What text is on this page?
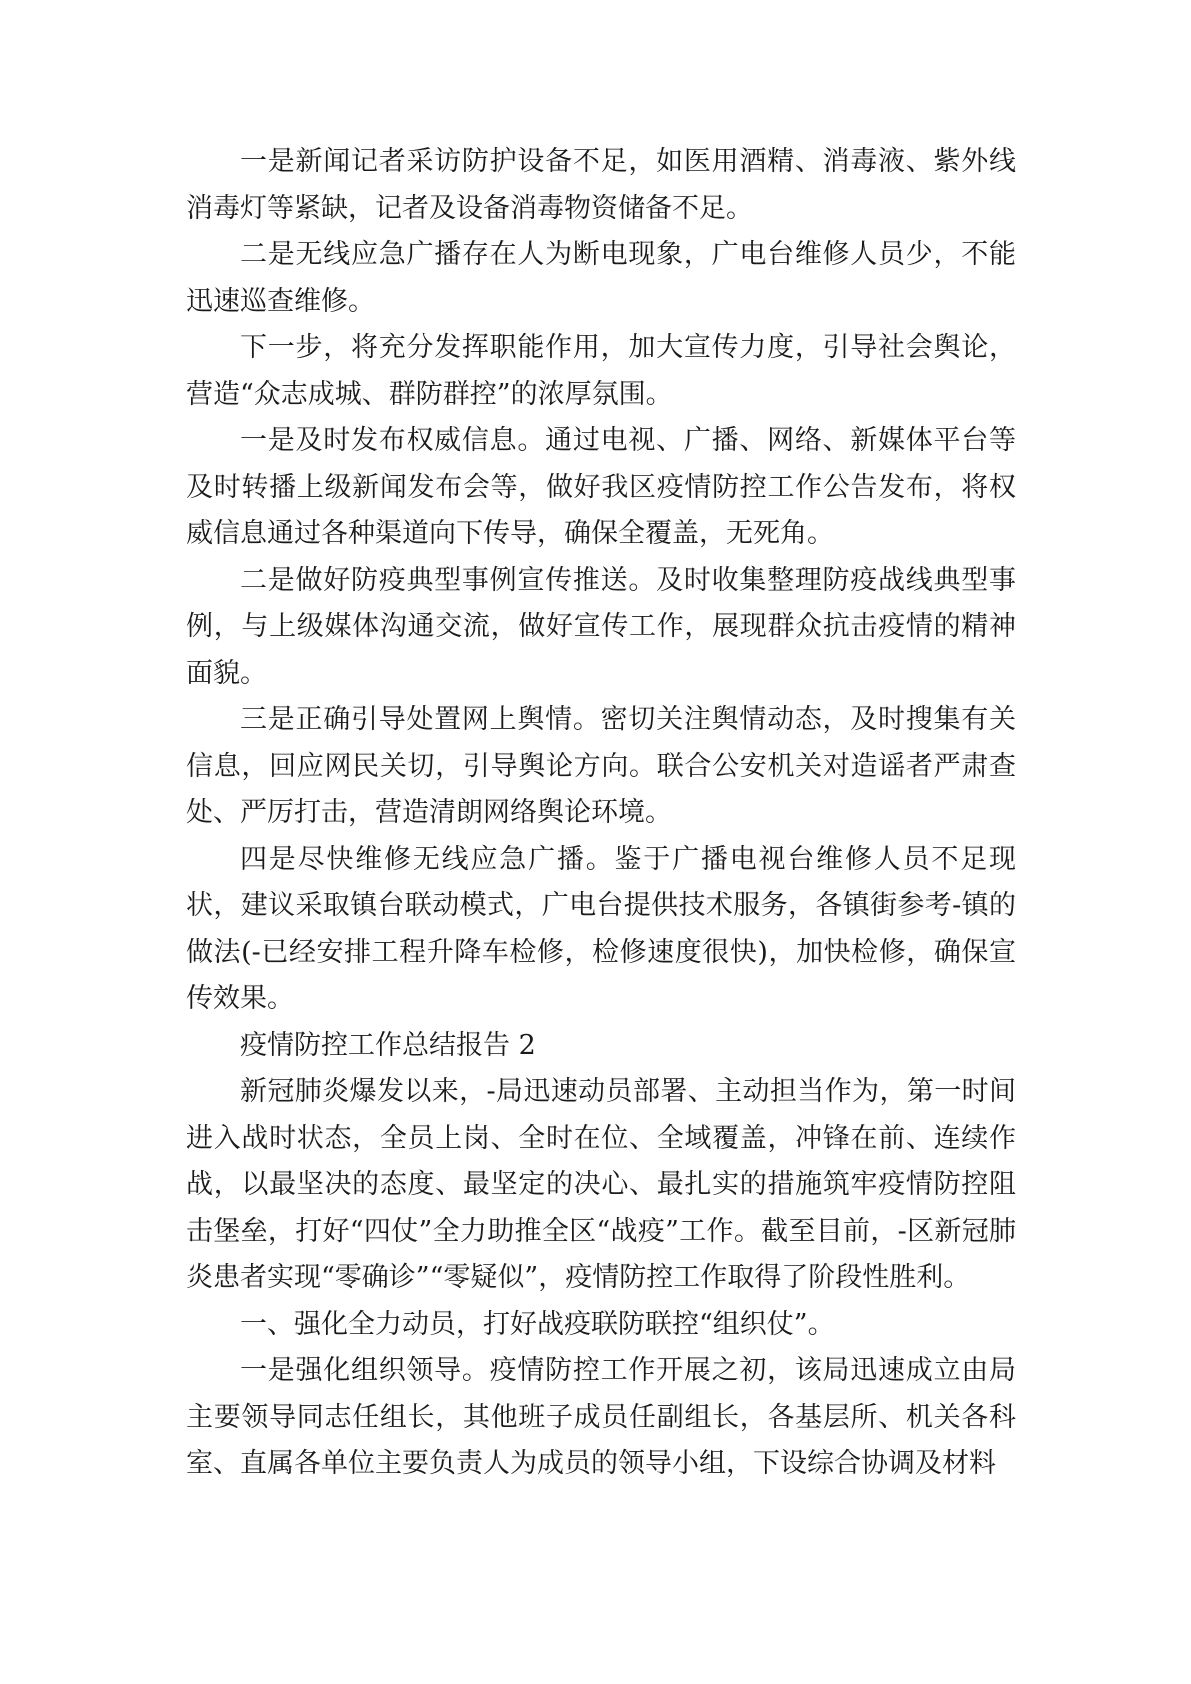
一是新闻记者采访防护设备不足，如医用酒精、消毒液、紫外线消毒灯等紧缺，记者及设备消毒物资储备不足。

二是无线应急广播存在人为断电现象，广电台维修人员少，不能迅速巡查维修。

下一步，将充分发挥职能作用，加大宣传力度，引导社会舆论，营造“众志成城、群防群控”的浓厚氛围。

一是及时发布权威信息。通过电视、广播、网络、新媒体平台等及时转播上级新闻发布会等，做好我区疫情防控工作公告发布，将权威信息通过各种渠道向下传导，确保全覆盖，无死角。

二是做好防疫典型事例宣传推送。及时收集整理防疫战线典型事例，与上级媒体沟通交流，做好宣传工作，展现群众抗击疫情的精神面貌。

三是正确引导处置网上舆情。密切关注舆情动态，及时搜集有关信息，回应网民关切，引导舆论方向。联合公安机关对造谣者严肃查处、严厉打击，营造清朗网络舆论环境。

四是尽快维修无线应急广播。鉴于广播电视台维修人员不足现状，建议采取镇台联动模式，广电台提供技术服务，各镇街参考-镇的做法(-已经安排工程升降车检修，检修速度很快)，加快检修，确保宣传效果。

疫情防控工作总结报告 2

新冠肺炎爆发以来，-局迅速动员部署、主动担当作为，第一时间进入战时状态，全员上岗、全时在位、全域覆盖，冲锋在前、连续作战，以最坚决的态度、最坚定的决心、最扎实的措施筑牢疫情防控阻击堡垒，打好“四仗”全力助推全区“战疫”工作。截至目前，-区新冠肺炎患者实现“零确诊”“零疑似”，疫情防控工作取得了阶段性胜利。

一、强化全力动员，打好战疫联防联控“组织仗”。

一是强化组织领导。疫情防控工作开展之初，该局迅速成立由局主要领导同志任组长，其他班子成员任副组长，各基层所、机关各科室、直属各单位主要负责人为成员的领导小组，下设综合协调及材料
